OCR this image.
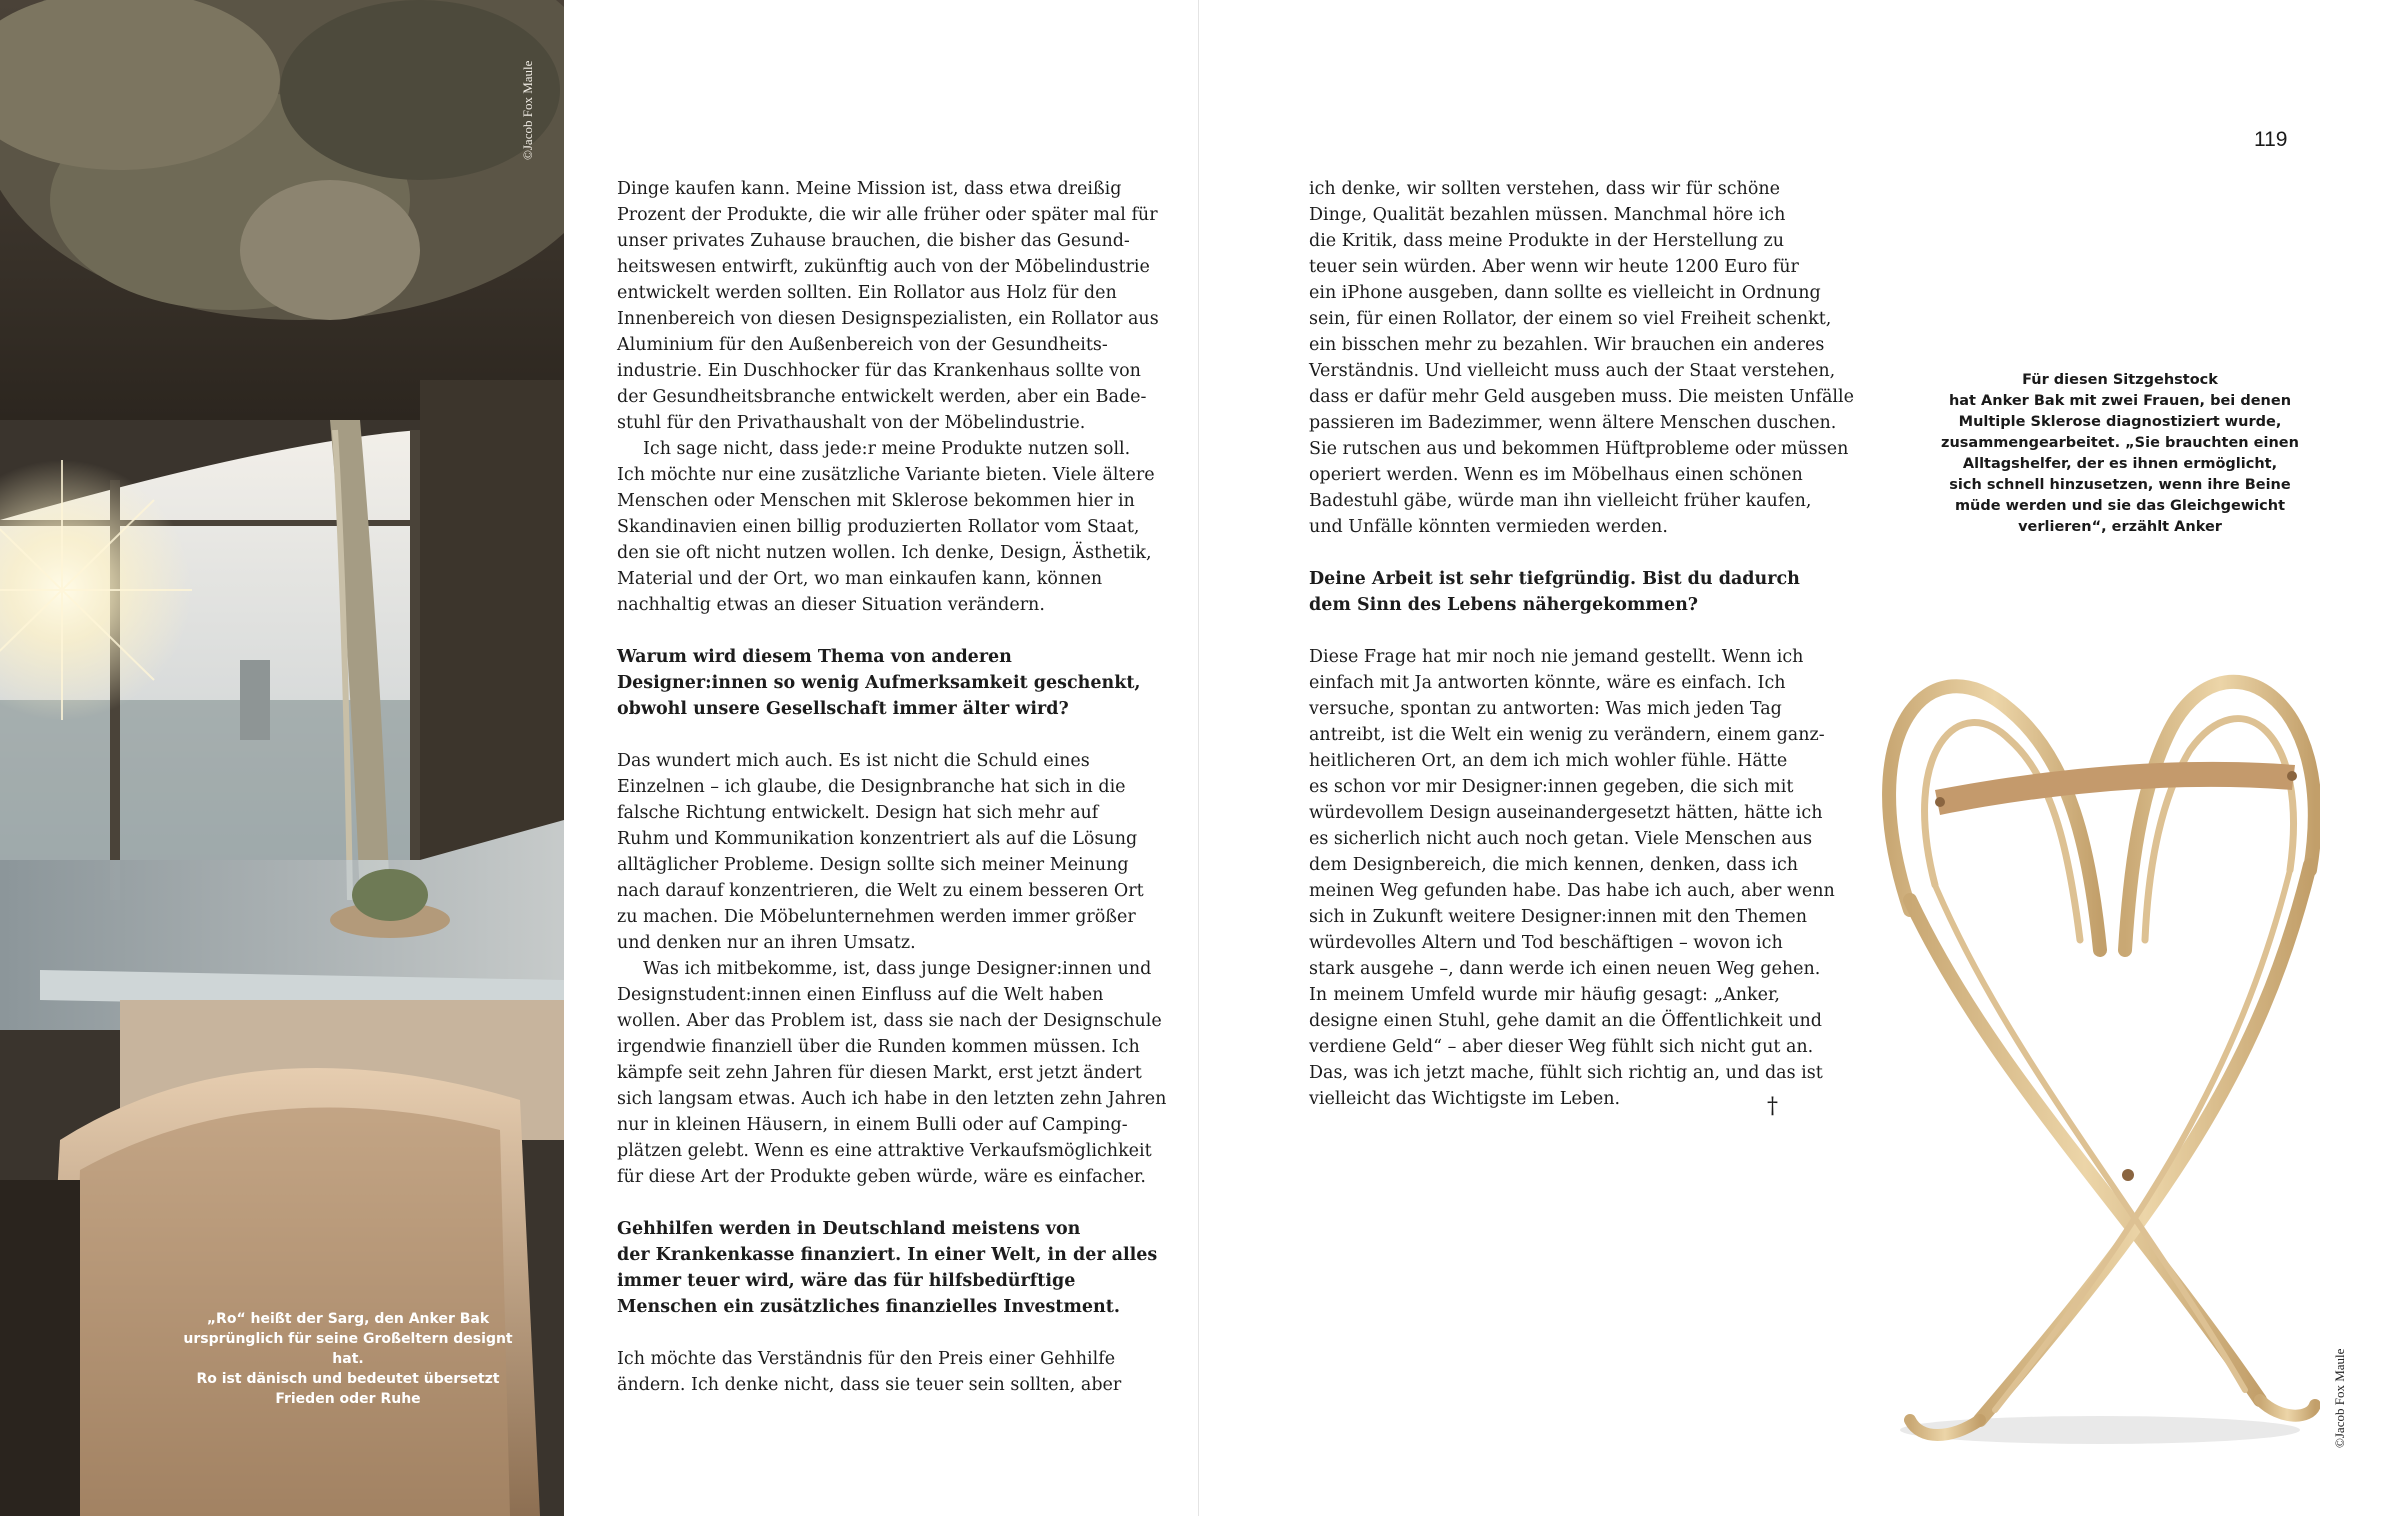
©Jacob Fox Maule
„Ro“ heißt der Sarg, den Anker Bak
ursprünglich für seine Großeltern designt hat.
Ro ist dänisch und bedeutet übersetzt
Frieden oder Ruhe

Dinge kaufen kann. Meine Mission ist, dass etwa dreißig
Prozent der Produkte, die wir alle früher oder später mal für
unser privates Zuhause brauchen, die bisher das Gesund-
heitswesen entwirft, zukünftig auch von der Möbelindustrie
entwickelt werden sollten. Ein Rollator aus Holz für den
Innenbereich von diesen Designspezialisten, ein Rollator aus
Aluminium für den Außenbereich von der Gesundheits-
industrie. Ein Duschhocker für das Krankenhaus sollte von
der Gesundheitsbranche entwickelt werden, aber ein Bade-
stuhl für den Privathaushalt von der Möbelindustrie.

Ich sage nicht, dass jede:r meine Produkte nutzen soll.

Ich möchte nur eine zusätzliche Variante bieten. Viele ältere
Menschen oder Menschen mit Sklerose bekommen hier in
Skandinavien einen billig produzierten Rollator vom Staat,
den sie oft nicht nutzen wollen. Ich denke, Design, Ästhetik,
Material und der Ort, wo man einkaufen kann, können
nachhaltig etwas an dieser Situation verändern.

Warum wird diesem Thema von anderen
Designer:innen so wenig Aufmerksamkeit geschenkt,
obwohl unsere Gesellschaft immer älter wird?

Das wundert mich auch. Es ist nicht die Schuld eines
Einzelnen – ich glaube, die Designbranche hat sich in die
falsche Richtung entwickelt. Design hat sich mehr auf
Ruhm und Kommunikation konzentriert als auf die Lösung
alltäglicher Probleme. Design sollte sich meiner Meinung
nach darauf konzentrieren, die Welt zu einem besseren Ort
zu machen. Die Möbelunternehmen werden immer größer
und denken nur an ihren Umsatz.

Was ich mitbekomme, ist, dass junge Designer:innen und

Designstudent:innen einen Einfluss auf die Welt haben
wollen. Aber das Problem ist, dass sie nach der Designschule
irgendwie finanziell über die Runden kommen müssen. Ich
kämpfe seit zehn Jahren für diesen Markt, erst jetzt ändert
sich langsam etwas. Auch ich habe in den letzten zehn Jahren
nur in kleinen Häusern, in einem Bulli oder auf Camping-
plätzen gelebt. Wenn es eine attraktive Verkaufsmöglichkeit
für diese Art der Produkte geben würde, wäre es einfacher.

Gehhilfen werden in Deutschland meistens von
der Krankenkasse finanziert. In einer Welt, in der alles
immer teuer wird, wäre das für hilfsbedürftige
Menschen ein zusätzliches finanzielles Investment.

Ich möchte das Verständnis für den Preis einer Gehhilfe
ändern. Ich denke nicht, dass sie teuer sein sollten, aber

ich denke, wir sollten verstehen, dass wir für schöne
Dinge, Qualität bezahlen müssen. Manchmal höre ich
die Kritik, dass meine Produkte in der Herstellung zu
teuer sein würden. Aber wenn wir heute 1200 Euro für
ein iPhone ausgeben, dann sollte es vielleicht in Ordnung
sein, für einen Rollator, der einem so viel Freiheit schenkt,
ein bisschen mehr zu bezahlen. Wir brauchen ein anderes
Verständnis. Und vielleicht muss auch der Staat verstehen,
dass er dafür mehr Geld ausgeben muss. Die meisten Unfälle
passieren im Badezimmer, wenn ältere Menschen duschen.
Sie rutschen aus und bekommen Hüftprobleme oder müssen
operiert werden. Wenn es im Möbelhaus einen schönen
Badestuhl gäbe, würde man ihn vielleicht früher kaufen,
und Unfälle könnten vermieden werden.

Deine Arbeit ist sehr tiefgründig. Bist du dadurch
dem Sinn des Lebens nähergekommen?

Diese Frage hat mir noch nie jemand gestellt. Wenn ich
einfach mit Ja antworten könnte, wäre es einfach. Ich
versuche, spontan zu antworten: Was mich jeden Tag
antreibt, ist die Welt ein wenig zu verändern, einem ganz-
heitlicheren Ort, an dem ich mich wohler fühle. Hätte
es schon vor mir Designer:innen gegeben, die sich mit
würdevollem Design auseinandergesetzt hätten, hätte ich
es sicherlich nicht auch noch getan. Viele Menschen aus
dem Designbereich, die mich kennen, denken, dass ich
meinen Weg gefunden habe. Das habe ich auch, aber wenn
sich in Zukunft weitere Designer:innen mit den Themen
würdevolles Altern und Tod beschäftigen – wovon ich
stark ausgehe –, dann werde ich einen neuen Weg gehen.
In meinem Umfeld wurde mir häufig gesagt: „Anker,
designe einen Stuhl, gehe damit an die Öffentlichkeit und
verdiene Geld“ – aber dieser Weg fühlt sich nicht gut an.
Das, was ich jetzt mache, fühlt sich richtig an, und das ist
vielleicht das Wichtigste im Leben.	†

119
Für diesen Sitzgehstock
hat Anker Bak mit zwei Frauen, bei denen
Multiple Sklerose diagnostiziert wurde,
zusammengearbeitet. „Sie brauchten einen
Alltagshelfer, der es ihnen ermöglicht,
sich schnell hinzusetzen, wenn ihre Beine
müde werden und sie das Gleichgewicht
verlieren“, erzählt Anker
©Jacob Fox Maule
